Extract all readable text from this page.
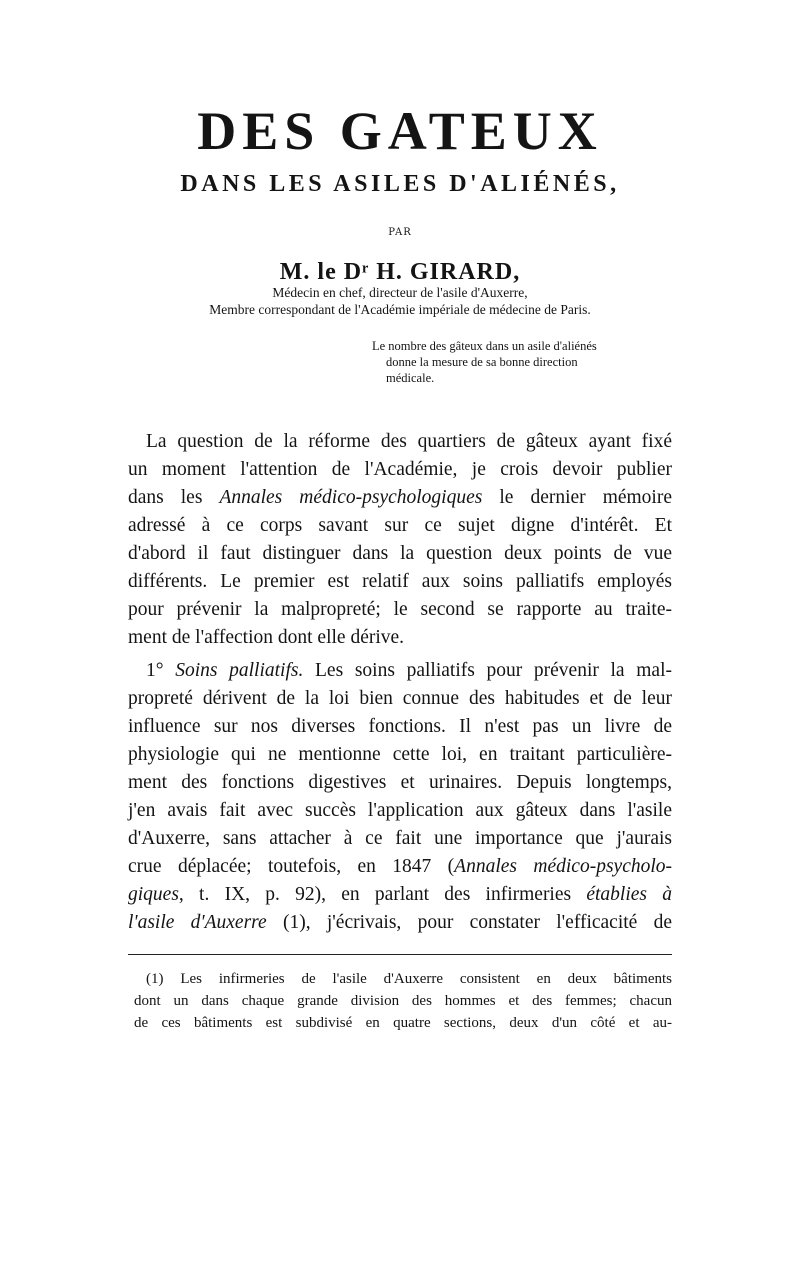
DES GATEUX
DANS LES ASILES D'ALIÉNÉS,
PAR
M. le Dʳ H. GIRARD,
Médecin en chef, directeur de l'asile d'Auxerre,
Membre correspondant de l'Académie impériale de médecine de Paris.
Le nombre des gâteux dans un asile d'aliénés
donne la mesure de sa bonne direction
médicale.
La question de la réforme des quartiers de gâteux ayant fixé
un moment l'attention de l'Académie, je crois devoir publier
dans les Annales médico-psychologiques le dernier mémoire
adressé à ce corps savant sur ce sujet digne d'intérêt. Et
d'abord il faut distinguer dans la question deux points de vue
différents. Le premier est relatif aux soins palliatifs employés
pour prévenir la malpropreté; le second se rapporte au traite-
ment de l'affection dont elle dérive.
1° Soins palliatifs. Les soins palliatifs pour prévenir la mal-
propreté dérivent de la loi bien connue des habitudes et de leur
influence sur nos diverses fonctions. Il n'est pas un livre de
physiologie qui ne mentionne cette loi, en traitant particulière-
ment des fonctions digestives et urinaires. Depuis longtemps,
j'en avais fait avec succès l'application aux gâteux dans l'asile
d'Auxerre, sans attacher à ce fait une importance que j'aurais
crue déplacée; toutefois, en 1847 (Annales médico-psycholo-
giques, t. IX, p. 92), en parlant des infirmeries établies à
l'asile d'Auxerre (1), j'écrivais, pour constater l'efficacité de
(1) Les infirmeries de l'asile d'Auxerre consistent en deux bâtiments
dont un dans chaque grande division des hommes et des femmes; chacun
de ces bâtiments est subdivisé en quatre sections, deux d'un côté et au-
